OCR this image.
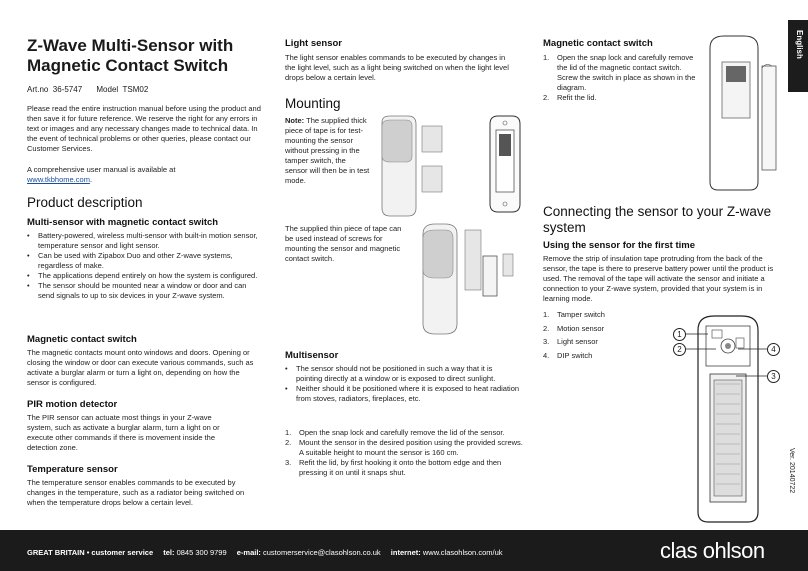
English
Z-Wave Multi-Sensor with Magnetic Contact Switch
Art.no  36-5747 Model  TSM02
Please read the entire instruction manual before using the product and then save it for future reference. We reserve the right for any errors in text or images and any necessary changes made to technical data. In the event of technical problems or other queries, please contact our Customer Services.
A comprehensive user manual is available at
www.tkbhome.com.
Product description
Multi-sensor with magnetic contact switch
• Battery-powered, wireless multi-sensor with built-in motion sensor, temperature sensor and light sensor.
• Can be used with Zipabox Duo and other Z-wave systems, regardless of make.
• The applications depend entirely on how the system is configured.
• The sensor should be mounted near a window or door and can send signals to up to six devices in your Z-wave system.
Magnetic contact switch
The magnetic contacts mount onto windows and doors. Opening or closing the window or door can execute various commands, such as activate a burglar alarm or turn a light on, depending on how the sensor is configured.
PIR motion detector
The PIR sensor can actuate most things in your Z-wave system, such as activate a burglar alarm, turn a light on or execute other commands if there is movement inside the detection zone.
Temperature sensor
The temperature sensor enables commands to be executed by changes in the temperature, such as a radiator being switched on when the temperature drops below a certain level.
Light sensor
The light sensor enables commands to be executed by changes in the light level, such as a light being switched on when the light level drops below a certain level.
Mounting
Note: The supplied thick piece of tape is for test-mounting the sensor without pressing in the tamper switch, the sensor will then be in test mode.
The supplied thin piece of tape can be used instead of screws for mounting the sensor and magnetic contact switch.
Multisensor
• The sensor should not be positioned in such a way that it is pointing directly at a window or is exposed to direct sunlight.
• Neither should it be positioned where it is exposed to heat radiation from stoves, radiators, fireplaces, etc.
1. Open the snap lock and carefully remove the lid of the sensor.
2. Mount the sensor in the desired position using the provided screws. A suitable height to mount the sensor is 160 cm.
3. Refit the lid, by first hooking it onto the bottom edge and then pressing it on until it snaps shut.
Magnetic contact switch
1. Open the snap lock and carefully remove the lid of the magnetic contact switch. Screw the switch in place as shown in the diagram.
2. Refit the lid.
Connecting the sensor to your Z-wave system
Using the sensor for the first time
Remove the strip of insulation tape protruding from the back of the sensor, the tape is there to preserve battery power until the product is used. The removal of the tape will activate the sensor and initiate a connection to your Z-wave system, provided that your system is in learning mode.
1. Tamper switch
2. Motion sensor
3. Light sensor
4. DIP switch
1
2
3
4
Ver. 20140722
GREAT BRITAIN • customer service tel: 0845 300 9799 e-mail: customerservice@clasohlson.co.uk internet: www.clasohlson.com/uk	clas ohlson
